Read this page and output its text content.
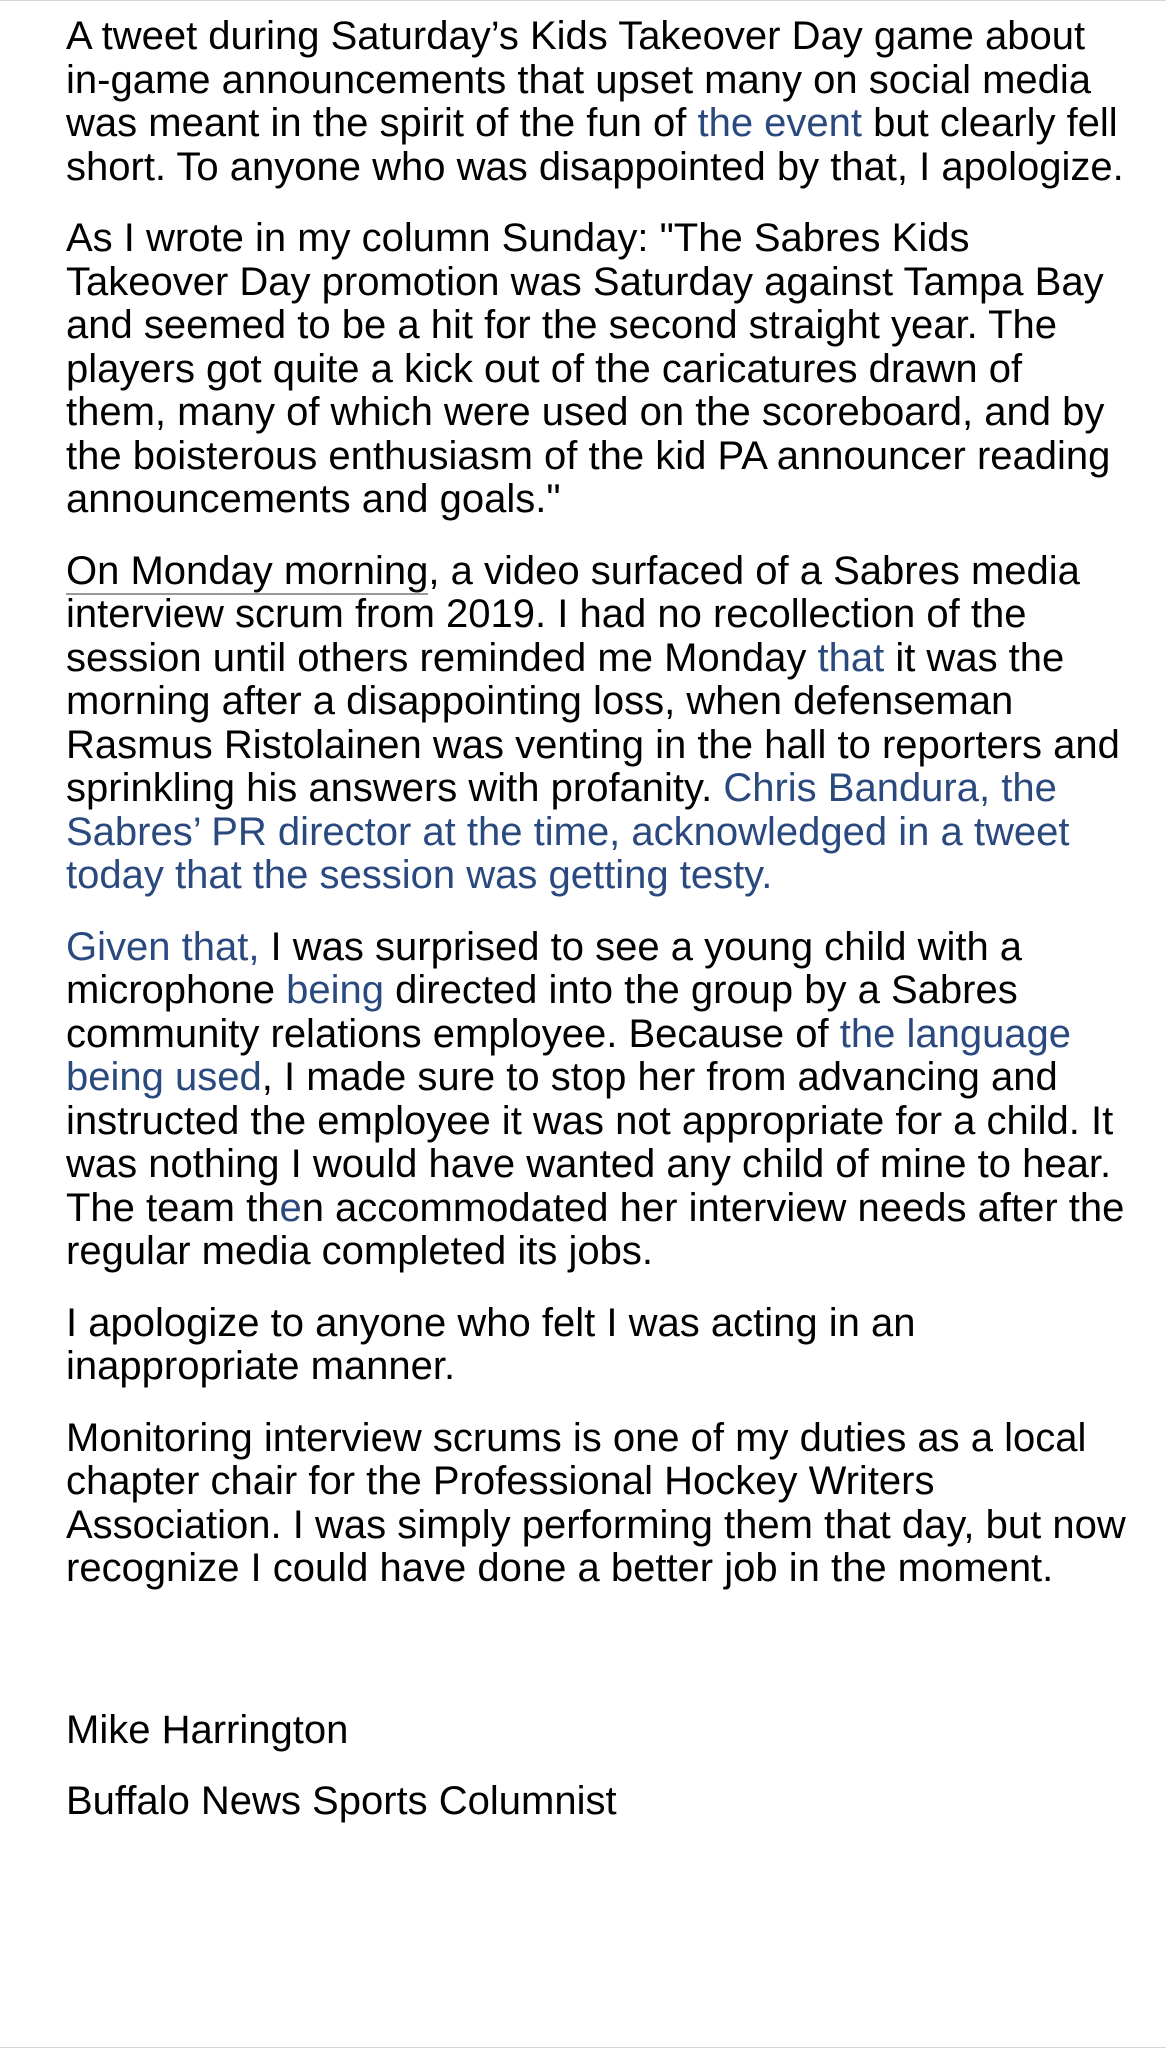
A tweet during Saturday’s Kids Takeover Day game about in-game announcements that upset many on social media was meant in the spirit of the fun of the event but clearly fell short. To anyone who was disappointed by that, I apologize.

As I wrote in my column Sunday: "The Sabres Kids Takeover Day promotion was Saturday against Tampa Bay and seemed to be a hit for the second straight year. The players got quite a kick out of the caricatures drawn of them, many of which were used on the scoreboard, and by the boisterous enthusiasm of the kid PA announcer reading announcements and goals."

On Monday morning, a video surfaced of a Sabres media interview scrum from 2019. I had no recollection of the session until others reminded me Monday that it was the morning after a disappointing loss, when defenseman Rasmus Ristolainen was venting in the hall to reporters and sprinkling his answers with profanity. Chris Bandura, the Sabres’ PR director at the time, acknowledged in a tweet today that the session was getting testy.

Given that, I was surprised to see a young child with a microphone being directed into the group by a Sabres community relations employee. Because of the language being used, I made sure to stop her from advancing and instructed the employee it was not appropriate for a child. It was nothing I would have wanted any child of mine to hear. The team then accommodated her interview needs after the regular media completed its jobs.

I apologize to anyone who felt I was acting in an inappropriate manner.

Monitoring interview scrums is one of my duties as a local chapter chair for the Professional Hockey Writers Association. I was simply performing them that day, but now recognize I could have done a better job in the moment.

Mike Harrington

Buffalo News Sports Columnist
